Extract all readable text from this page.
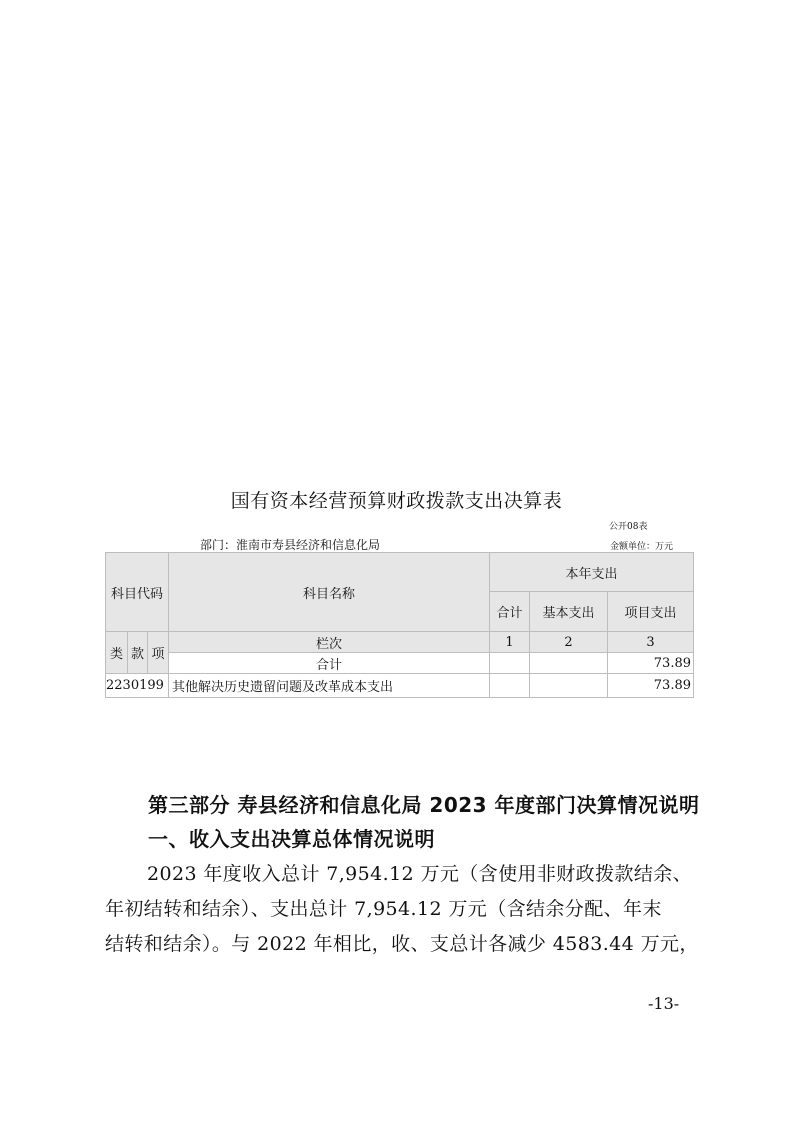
国有资本经营预算财政拨款支出决算表
公开08表
部门：淮南市寿县经济和信息化局	金额单位：万元
科目代码			科目名称	本年支出		
				合计	基本支出	项目支出
类	款	项	栏次	1	2	3
			合计			73.89
2230199			其他解决历史遗留问题及改革成本支出			73.89
第三部分 寿县经济和信息化局 2023 年度部门决算情况说明
一、收入支出决算总体情况说明

2023 年度收入总计 7,954.12 万元（含使用非财政拨款结余、

年初结转和结余）、支出总计 7,954.12 万元（含结余分配、年末

结转和结余）。与 2022 年相比，收、支总计各减少 4583.44 万元，

-13-
